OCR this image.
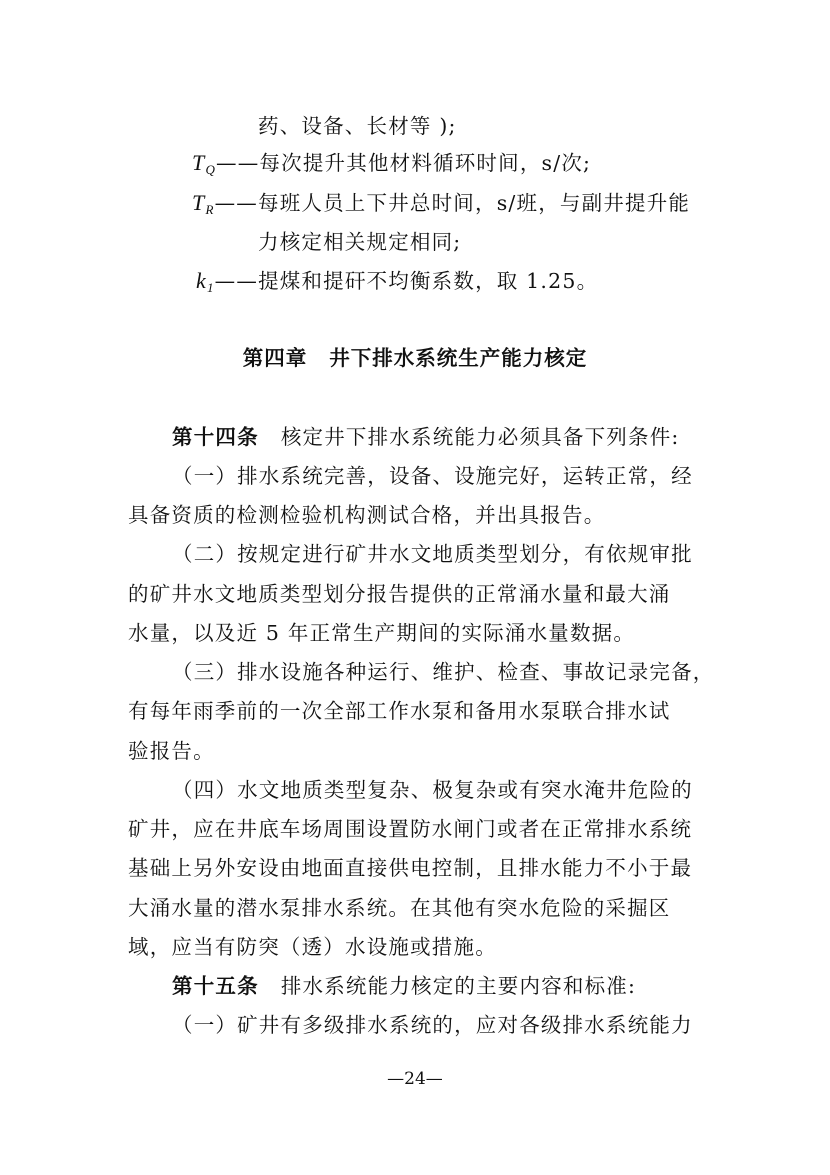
药、设备、长材等 );
$T_Q——$每次提升其他材料循环时间，s/次;
$T_R——$每班人员上下井总时间，s/班，与副井提升能
力核定相关规定相同;
$k_1——$提煤和提矸不均衡系数，取 1.25。
第四章 井下排水系统生产能力核定
第十四条 核定井下排水系统能力必须具备下列条件:
（一）排水系统完善，设备、设施完好，运转正常，经
具备资质的检测检验机构测试合格，并出具报告。
（二）按规定进行矿井水文地质类型划分，有依规审批
的矿井水文地质类型划分报告提供的正常涌水量和最大涌
水量，以及近 5 年正常生产期间的实际涌水量数据。
（三）排水设施各种运行、维护、检查、事故记录完备，
有每年雨季前的一次全部工作水泵和备用水泵联合排水试
验报告。
（四）水文地质类型复杂、极复杂或有突水淹井危险的
矿井，应在井底车场周围设置防水闸门或者在正常排水系统
基础上另外安设由地面直接供电控制，且排水能力不小于最
大涌水量的潜水泵排水系统。在其他有突水危险的采掘区
域，应当有防突（透）水设施或措施。
第十五条 排水系统能力核定的主要内容和标准:
（一）矿井有多级排水系统的，应对各级排水系统能力
—24—
